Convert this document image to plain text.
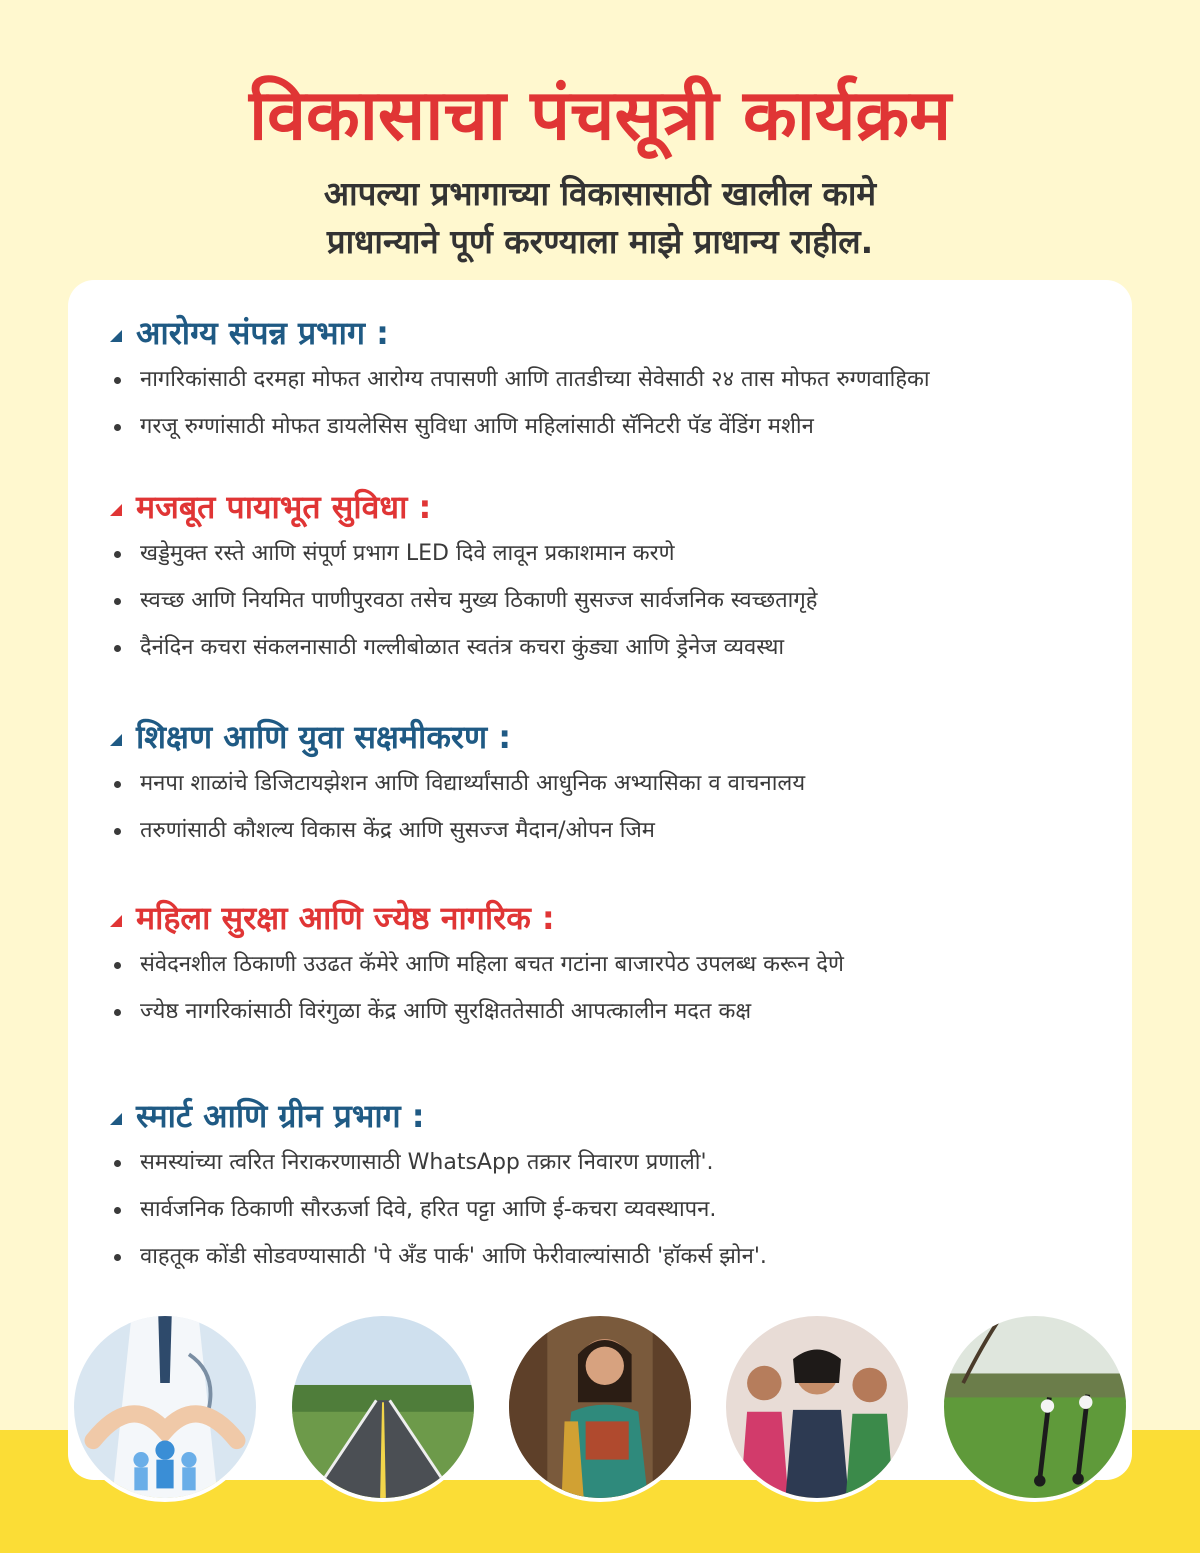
विकासाचा पंचसूत्री कार्यक्रम
आपल्या प्रभागाच्या विकासासाठी खालील कामे
प्राधान्याने पूर्ण करण्याला माझे प्राधान्य राहील.
आरोग्य संपन्न प्रभाग :
नागरिकांसाठी दरमहा मोफत आरोग्य तपासणी आणि तातडीच्या सेवेसाठी २४ तास मोफत रुग्णवाहिका
गरजू रुग्णांसाठी मोफत डायलेसिस सुविधा आणि महिलांसाठी सॅनिटरी पॅड वेंडिंग मशीन
मजबूत पायाभूत सुविधा :
खड्डेमुक्त रस्ते आणि संपूर्ण प्रभाग LED दिवे लावून प्रकाशमान करणे
स्वच्छ आणि नियमित पाणीपुरवठा तसेच मुख्य ठिकाणी सुसज्ज सार्वजनिक स्वच्छतागृहे
दैनंदिन कचरा संकलनासाठी गल्लीबोळात स्वतंत्र कचरा कुंड्या आणि ड्रेनेज व्यवस्था
शिक्षण आणि युवा सक्षमीकरण :
मनपा शाळांचे डिजिटायझेशन आणि विद्यार्थ्यांसाठी आधुनिक अभ्यासिका व वाचनालय
तरुणांसाठी कौशल्य विकास केंद्र आणि सुसज्ज मैदान/ओपन जिम
महिला सुरक्षा आणि ज्येष्ठ नागरिक :
संवेदनशील ठिकाणी उउढत कॅमेरे आणि महिला बचत गटांना बाजारपेठ उपलब्ध करून देणे
ज्येष्ठ नागरिकांसाठी विरंगुळा केंद्र आणि सुरक्षिततेसाठी आपत्कालीन मदत कक्ष
स्मार्ट आणि ग्रीन प्रभाग :
समस्यांच्या त्वरित निराकरणासाठी WhatsApp तक्रार निवारण प्रणाली'.
सार्वजनिक ठिकाणी सौरऊर्जा दिवे, हरित पट्टा आणि ई-कचरा व्यवस्थापन.
वाहतूक कोंडी सोडवण्यासाठी 'पे अँड पार्क' आणि फेरीवाल्यांसाठी 'हॉकर्स झोन'.
